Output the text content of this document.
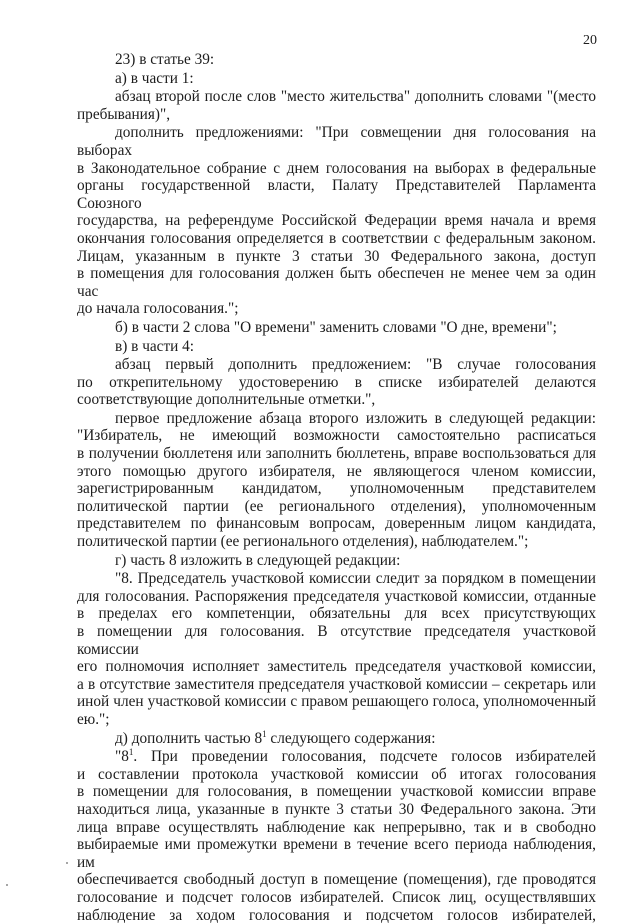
20
23) в статье 39:
а) в части 1:
абзац второй после слов "место жительства" дополнить словами "(место
пребывания)",
дополнить предложениями: "При совмещении дня голосования на выборах
в Законодательное собрание с днем голосования на выборах в федеральные
органы государственной власти, Палату Представителей Парламента Союзного
государства, на референдуме Российской Федерации время начала и время
окончания голосования определяется в соответствии с федеральным законом.
Лицам, указанным в пункте 3 статьи 30 Федерального закона, доступ
в помещения для голосования должен быть обеспечен не менее чем за один час
до начала голосования.";
б) в части 2 слова "О времени" заменить словами "О дне, времени";
в) в части 4:
абзац первый дополнить предложением: "В случае голосования
по открепительному удостоверению в списке избирателей делаются
соответствующие дополнительные отметки.",
первое предложение абзаца второго изложить в следующей редакции:
"Избиратель, не имеющий возможности самостоятельно расписаться
в получении бюллетеня или заполнить бюллетень, вправе воспользоваться для
этого помощью другого избирателя, не являющегося членом комиссии,
зарегистрированным кандидатом, уполномоченным представителем
политической партии (ее регионального отделения), уполномоченным
представителем по финансовым вопросам, доверенным лицом кандидата,
политической партии (ее регионального отделения), наблюдателем.";
г) часть 8 изложить в следующей редакции:
"8. Председатель участковой комиссии следит за порядком в помещении
для голосования. Распоряжения председателя участковой комиссии, отданные
в пределах его компетенции, обязательны для всех присутствующих
в помещении для голосования. В отсутствие председателя участковой комиссии
его полномочия исполняет заместитель председателя участковой комиссии,
а в отсутствие заместителя председателя участковой комиссии – секретарь или
иной член участковой комиссии с правом решающего голоса, уполномоченный
ею.";
д) дополнить частью $8^1$ следующего содержания:
"$8^1$. При проведении голосования, подсчете голосов избирателей
и составлении протокола участковой комиссии об итогах голосования
в помещении для голосования, в помещении участковой комиссии вправе
находиться лица, указанные в пункте 3 статьи 30 Федерального закона. Эти
лица вправе осуществлять наблюдение как непрерывно, так и в свободно
выбираемые ими промежутки времени в течение всего периода наблюдения, им
обеспечивается свободный доступ в помещение (помещения), где проводятся
голосование и подсчет голосов избирателей. Список лиц, осуществлявших
наблюдение за ходом голосования и подсчетом голосов избирателей,
